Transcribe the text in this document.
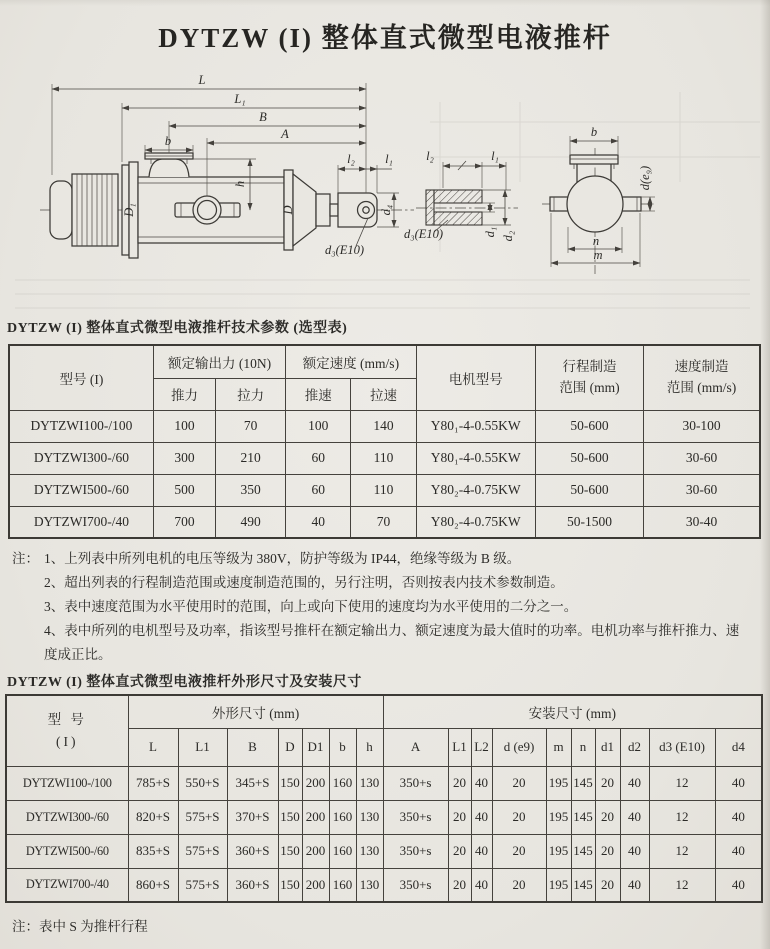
DYTZW (I) 整体直式微型电液推杆
L
L₁
B
A
b
h
D₁	D
l₂ l₁
d₄
d₃(E10)
l₂	l₁
d₁ d₂
d₃(E10)
b
d(e₉)
n
m
DYTZW (I) 整体直式微型电液推杆技术参数 (选型表)
型号 (I)	额定输出力 (10N)	额定速度 (mm/s)	电机型号	
行程制造
范围 (mm)

速度制造
范围 (mm/s)

	推力	拉力	推速	拉速			
DYTZWI100-/100	100	70	100	140	Y80₁-4-0.55KW	50-600	30-100
DYTZWI300-/60	300	210	60	110	Y80₁-4-0.55KW	50-600	30-60
DYTZWI500-/60	500	350	60	110	Y80₂-4-0.75KW	50-600	30-60
DYTZWI700-/40	700	490	40	70	Y80₂-4-0.75KW	50-1500	30-40
注： 1、上列表中所列电机的电压等级为 380V，防护等级为 IP44，绝缘等级为 B 级。
2、超出列表的行程制造范围或速度制造范围的，另行注明，否则按表内技术参数制造。
3、表中速度范围为水平使用时的范围，向上或向下使用的速度均为水平使用的二分之一。
4、表中所列的电机型号及功率，指该型号推杆在额定输出力、额定速度为最大值时的功率。电机功率与推杆推力、速度成正比。
DYTZW (I) 整体直式微型电液推杆外形尺寸及安装尺寸
型 号
(I)	外形尺寸 (mm)							安装尺寸 (mm)									
	L	L1	B	D	D1	b	h	A	L1	L2	d (e9)	m	n	d1	d2	d3 (E10)	d4
DYTZWI100-/100	785+S	550+S	345+S	150	200	160	130	350+s	20	40	20	195	145	20	40	12	40
DYTZWI300-/60	820+S	575+S	370+S	150	200	160	130	350+s	20	40	20	195	145	20	40	12	40
DYTZWI500-/60	835+S	575+S	360+S	150	200	160	130	350+s	20	40	20	195	145	20	40	12	40
DYTZWI700-/40	860+S	575+S	360+S	150	200	160	130	350+s	20	40	20	195	145	20	40	12	40
注：表中 S 为推杆行程
